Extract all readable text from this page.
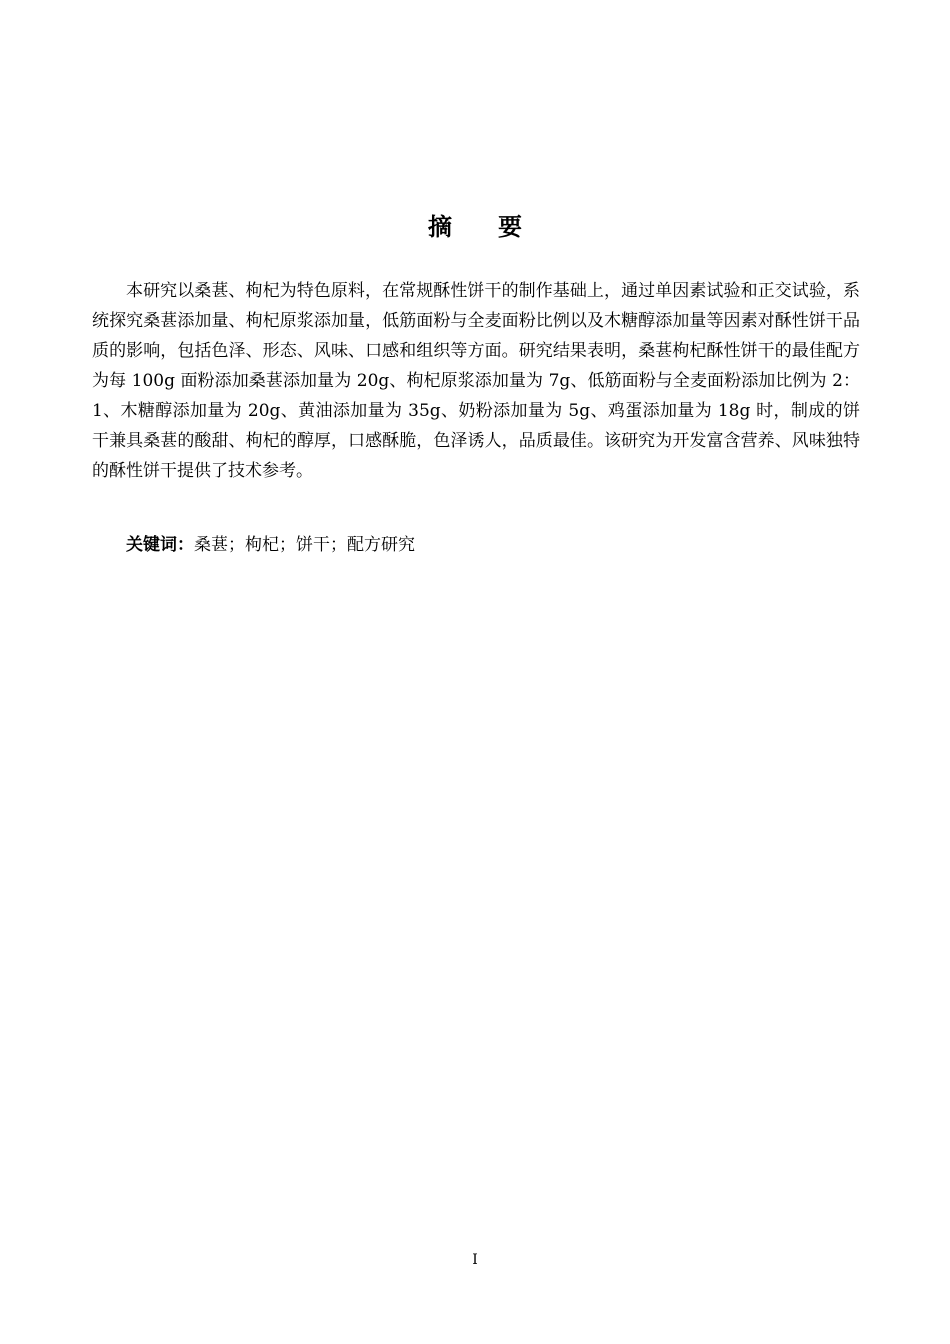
摘要

本研究以桑葚、枸杞为特色原料，在常规酥性饼干的制作基础上，通过单因素试验和正交试验，系统探究桑葚添加量、枸杞原浆添加量，低筋面粉与全麦面粉比例以及木糖醇添加量等因素对酥性饼干品质的影响，包括色泽、形态、风味、口感和组织等方面。研究结果表明，桑葚枸杞酥性饼干的最佳配方为每 100g 面粉添加桑葚添加量为 20g、枸杞原浆添加量为 7g、低筋面粉与全麦面粉添加比例为 2：1、木糖醇添加量为 20g、黄油添加量为 35g、奶粉添加量为 5g、鸡蛋添加量为 18g 时，制成的饼干兼具桑葚的酸甜、枸杞的醇厚，口感酥脆，色泽诱人，品质最佳。该研究为开发富含营养、风味独特的酥性饼干提供了技术参考。

关键词：桑葚；枸杞；饼干；配方研究
I
